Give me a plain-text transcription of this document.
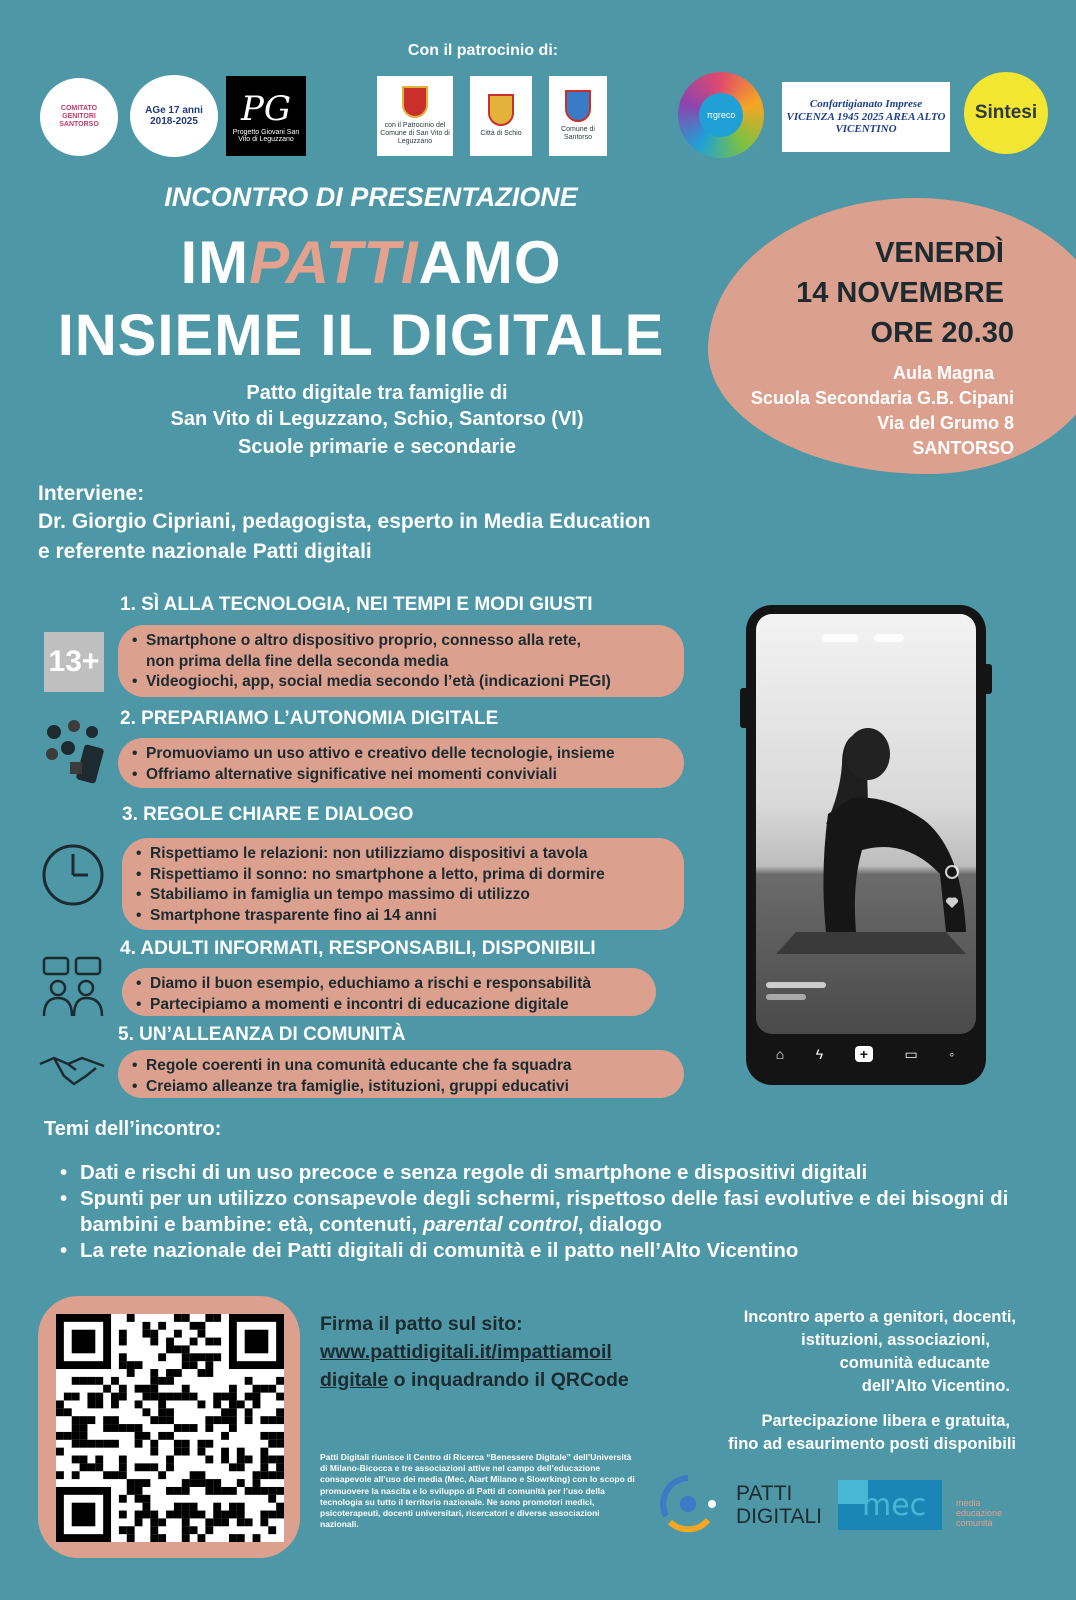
Con il patrocinio di:
COMITATO GENITORI SANTORSO
AGe 17 anni 2018-2025	PG
Progetto Giovani San Vito di Leguzzano
con il Patrocinio del Comune di San Vito di Leguzzano
Città di Schio
Comune di Santorso
πgreco
Confartigianato Imprese VICENZA 1945 2025 AREA ALTO VICENTINO
Sintesi
VENERDÌ
14 NOVEMBRE
ORE 20.30
Aula Magna
Scuola Secondaria G.B. Cipani
Via del Grumo 8
SANTORSO
INCONTRO DI PRESENTAZIONE
IMPATTIAMO
INSIEME IL DIGITALE
Patto digitale tra famiglie di
San Vito di Leguzzano, Schio, Santorso (VI)
Scuole primarie e secondarie
Interviene:
Dr. Giorgio Cipriani, pedagogista, esperto in Media Education
e referente nazionale Patti digitali
1. SÌ ALLA TECNOLOGIA, NEI TEMPI E MODI GIUSTI
13+
• Smartphone o altro dispositivo proprio, connesso alla rete,
non prima della fine della seconda media
• Videogiochi, app, social media secondo l’età (indicazioni PEGI)
2. PREPARIAMO L’AUTONOMIA DIGITALE
• Promuoviamo un uso attivo e creativo delle tecnologie, insieme
• Offriamo alternative significative nei momenti conviviali
3. REGOLE CHIARE E DIALOGO
• Rispettiamo le relazioni: non utilizziamo dispositivi a tavola
• Rispettiamo il sonno: no smartphone a letto, prima di dormire
• Stabiliamo in famiglia un tempo massimo di utilizzo
• Smartphone trasparente fino ai 14 anni
4. ADULTI INFORMATI, RESPONSABILI, DISPONIBILI
• Diamo il buon esempio, educhiamo a rischi e responsabilità
• Partecipiamo a momenti e incontri di educazione digitale
5. UN’ALLEANZA DI COMUNITÀ
• Regole coerenti in una comunità educante che fa squadra
• Creiamo alleanze tra famiglie, istituzioni, gruppi educativi
⌂ ϟ	+	▭ ◦
Temi dell’incontro:
• Dati e rischi di un uso precoce e senza regole di smartphone e dispositivi digitali
• Spunti per un utilizzo consapevole degli schermi, rispettoso delle fasi evolutive e dei bisogni di bambini e bambine: età, contenuti, parental control, dialogo
• La rete nazionale dei Patti digitali di comunità e il patto nell’Alto Vicentino
Firma il patto sul sito:
www.pattidigitali.it/impattiamoil
digitale o inquadrando il QRCode
Patti Digitali riunisce il Centro di Ricerca “Benessere Digitale” dell’Università di Milano-Bicocca e tre associazioni attive nel campo dell’educazione consapevole all’uso dei media (Mec, Aiart Milano e Slowrking) con lo scopo di promuovere la nascita e lo sviluppo di Patti di comunità per l’uso della tecnologia su tutto il territorio nazionale. Ne sono promotori medici, psicoterapeuti, docenti universitari, ricercatori e diverse associazioni nazionali.
Incontro aperto a genitori, docenti,
istituzioni, associazioni,
comunità educante
dell’Alto Vicentino.
Partecipazione libera e gratuita,
fino ad esaurimento posti disponibili
PATTI
DIGITALI mec	media
educazione
comunità
